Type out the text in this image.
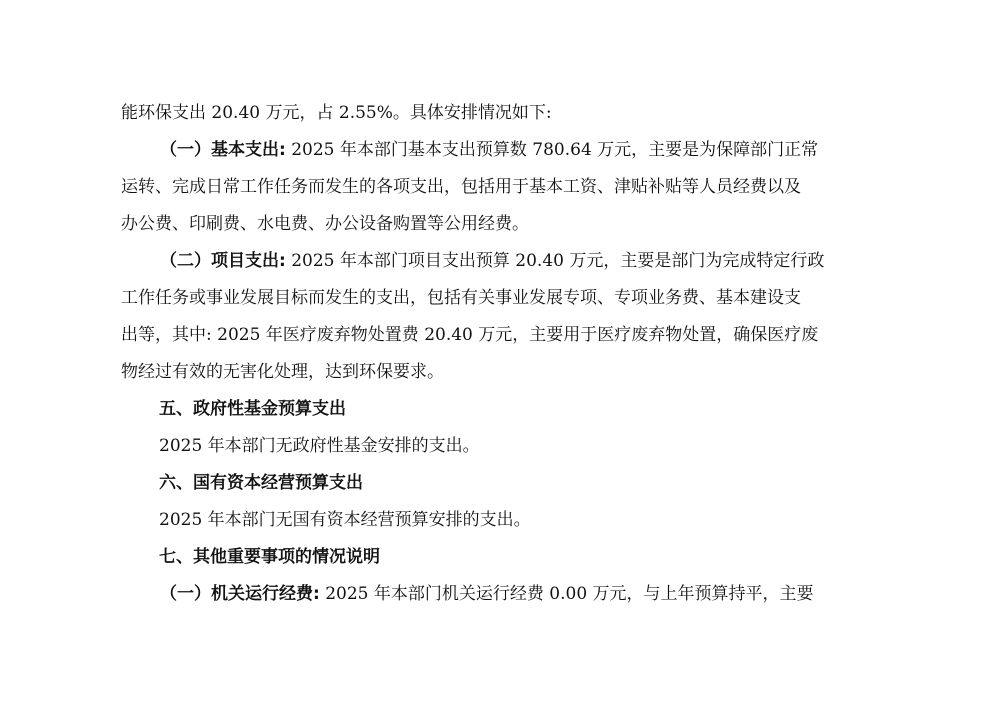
能环保支出 20.40 万元，占 2.55%。具体安排情况如下:
（一）基本支出: 2025 年本部门基本支出预算数 780.64 万元，主要是为保障部门正常
运转、完成日常工作任务而发生的各项支出，包括用于基本工资、津贴补贴等人员经费以及
办公费、印刷费、水电费、办公设备购置等公用经费。
（二）项目支出: 2025 年本部门项目支出预算 20.40 万元，主要是部门为完成特定行政
工作任务或事业发展目标而发生的支出，包括有关事业发展专项、专项业务费、基本建设支
出等，其中: 2025 年医疗废弃物处置费 20.40 万元，主要用于医疗废弃物处置，确保医疗废
物经过有效的无害化处理，达到环保要求。
五、政府性基金预算支出
2025 年本部门无政府性基金安排的支出。
六、国有资本经营预算支出
2025 年本部门无国有资本经营预算安排的支出。
七、其他重要事项的情况说明
（一）机关运行经费: 2025 年本部门机关运行经费 0.00 万元，与上年预算持平，主要
